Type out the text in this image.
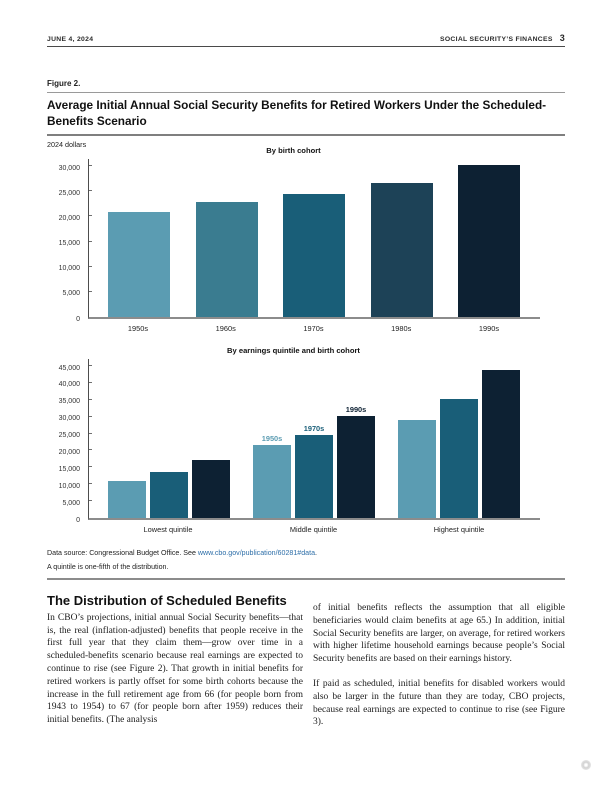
JUNE 4, 2024	SOCIAL SECURITY’S FINANCES 3
Figure 2.
Average Initial Annual Social Security Benefits for Retired Workers Under the Scheduled-Benefits Scenario
2024 dollars
By birth cohort
0
5,000
10,000
15,000
20,000
25,000
30,000
1950s	1960s	1970s	1980s	1990s
By earnings quintile and birth cohort
0
5,000
10,000
15,000
20,000
25,000
30,000
35,000
40,000
45,000
1950s
1970s
1990s
Lowest quintile	Middle quintile	Highest quintile
Data source: Congressional Budget Office. See www.cbo.gov/publication/60281#data.
A quintile is one-fifth of the distribution.
The Distribution of Scheduled Benefits

In CBO’s projections, initial annual Social Security benefits—that is, the real (inflation-adjusted) benefits that people receive in the first full year that they claim them—grow over time in a scheduled-benefits scenario because real earnings are expected to continue to rise (see Figure 2). That growth in initial benefits for retired workers is partly offset for some birth cohorts because the increase in the full retirement age from 66 (for people born from 1943 to 1954) to 67 (for people born after 1959) reduces their initial benefits. (The analysis

of initial benefits reflects the assumption that all eligible beneficiaries would claim benefits at age 65.) In addition, initial Social Security benefits are larger, on average, for retired workers with higher lifetime household earnings because people’s Social Security benefits are based on their earnings history.

If paid as scheduled, initial benefits for disabled workers would also be larger in the future than they are today, CBO projects, because real earnings are expected to continue to rise (see Figure 3).
